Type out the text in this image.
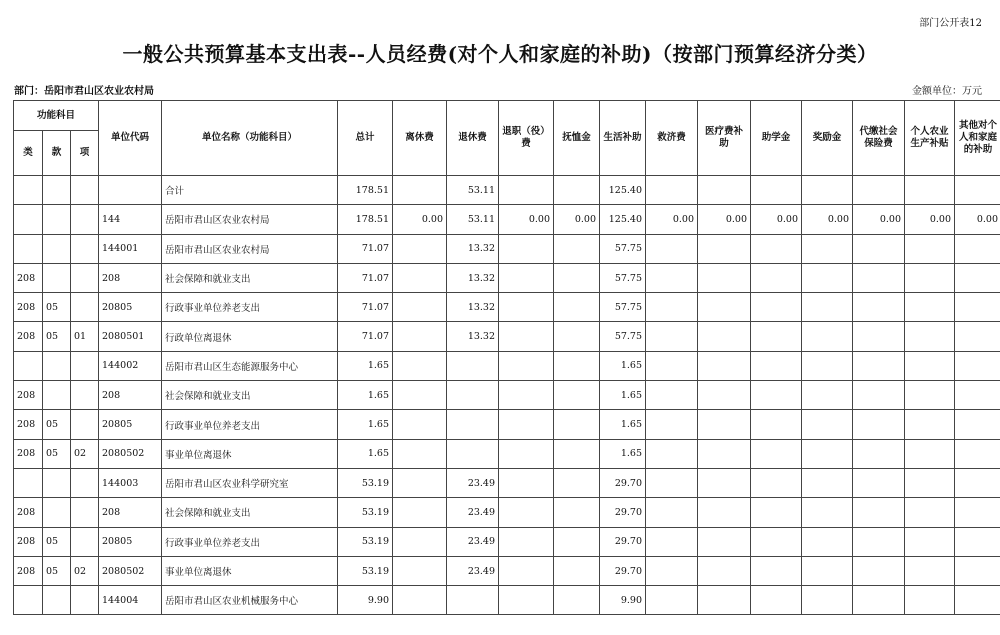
部门公开表12
一般公共预算基本支出表--人员经费(对个人和家庭的补助)（按部门预算经济分类）
部门：岳阳市君山区农业农村局	金额单位：万元
功能科目			单位代码	单位名称（功能科目）	总计	离休费	退休费	退职（役）费	抚恤金	生活补助	救济费	医疗费补助	助学金	奖励金	代缴社会保险费	个人农业生产补贴	其他对个人和家庭的补助
类	款	项															
				合计	178.51		53.11			125.40							
			144	岳阳市君山区农业农村局	178.51	0.00	53.11	0.00	0.00	125.40	0.00	0.00	0.00	0.00	0.00	0.00	0.00
			144001	岳阳市君山区农业农村局	71.07		13.32			57.75							
208			208	社会保障和就业支出	71.07		13.32			57.75							
208	05		20805	行政事业单位养老支出	71.07		13.32			57.75							
208	05	01	2080501	行政单位离退休	71.07		13.32			57.75							
			144002	岳阳市君山区生态能源服务中心	1.65					1.65							
208			208	社会保障和就业支出	1.65					1.65							
208	05		20805	行政事业单位养老支出	1.65					1.65							
208	05	02	2080502	事业单位离退休	1.65					1.65							
			144003	岳阳市君山区农业科学研究室	53.19		23.49			29.70							
208			208	社会保障和就业支出	53.19		23.49			29.70							
208	05		20805	行政事业单位养老支出	53.19		23.49			29.70							
208	05	02	2080502	事业单位离退休	53.19		23.49			29.70							
			144004	岳阳市君山区农业机械服务中心	9.90					9.90							
